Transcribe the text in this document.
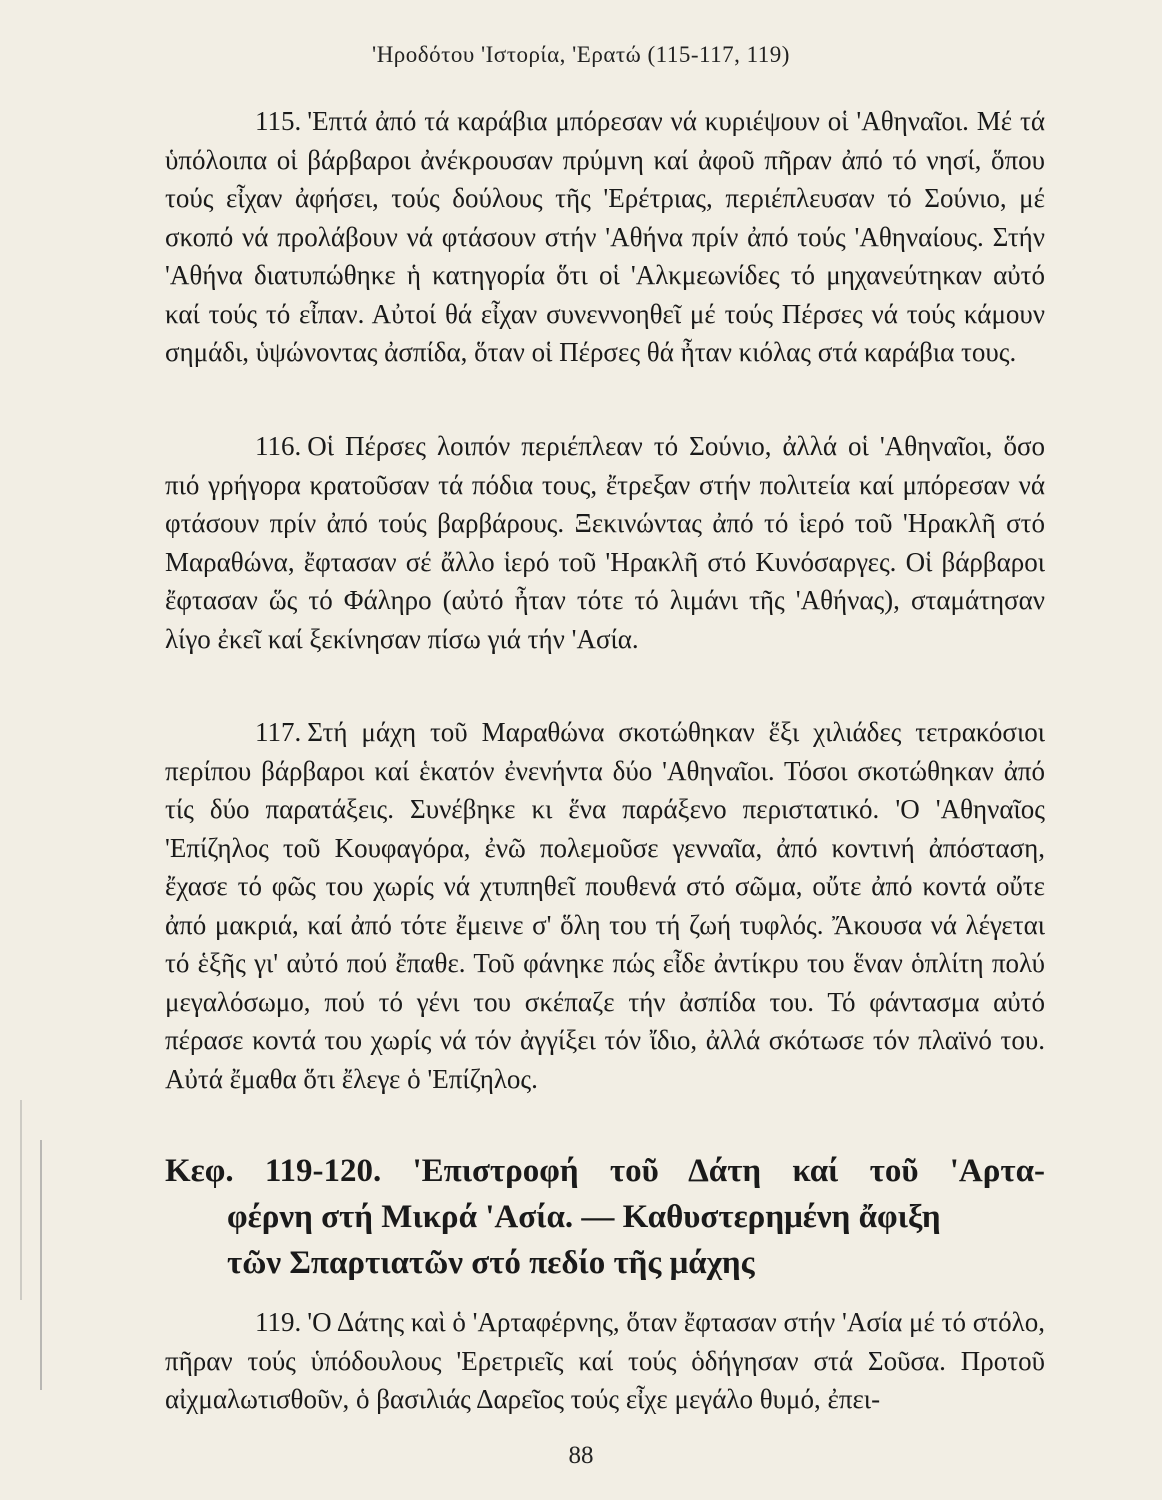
'Ηροδότου 'Ιστορία, 'Ερατώ (115-117, 119)

115. 'Επτά ἀπό τά καράβια μπόρεσαν νά κυριέψουν οἱ 'Αθηναῖοι. Μέ τά ὑπόλοιπα οἱ βάρβαροι ἀνέκρουσαν πρύμνη καί ἀφοῦ πῆραν ἀπό τό νησί, ὅπου τούς εἶχαν ἀφήσει, τούς δούλους τῆς 'Ερέτριας, περιέπλευσαν τό Σούνιο, μέ σκοπό νά προλάβουν νά φτάσουν στήν 'Αθήνα πρίν ἀπό τούς 'Αθηναίους. Στήν 'Αθήνα διατυπώθηκε ἡ κατηγορία ὅτι οἱ 'Αλκμεωνίδες τό μηχανεύτηκαν αὐτό καί τούς τό εἶπαν. Αὐτοί θά εἶχαν συνεννοηθεῖ μέ τούς Πέρσες νά τούς κάμουν σημάδι, ὑψώνοντας ἀσπίδα, ὅταν οἱ Πέρσες θά ἦταν κιόλας στά καράβια τους.

116. Οἱ Πέρσες λοιπόν περιέπλεαν τό Σούνιο, ἀλλά οἱ 'Αθηναῖοι, ὅσο πιό γρήγορα κρατοῦσαν τά πόδια τους, ἔτρεξαν στήν πολιτεία καί μπόρεσαν νά φτάσουν πρίν ἀπό τούς βαρβάρους. Ξεκινώντας ἀπό τό ἱερό τοῦ 'Ηρακλῆ στό Μαραθώνα, ἔφτασαν σέ ἄλλο ἱερό τοῦ 'Ηρακλῆ στό Κυνόσαργες. Οἱ βάρβαροι ἔφτασαν ὥς τό Φάληρο (αὐτό ἦταν τότε τό λιμάνι τῆς 'Αθήνας), σταμάτησαν λίγο ἐκεῖ καί ξεκίνησαν πίσω γιά τήν 'Ασία.

117. Στή μάχη τοῦ Μαραθώνα σκοτώθηκαν ἕξι χιλιάδες τετρακόσιοι περίπου βάρβαροι καί ἑκατόν ἐνενήντα δύο 'Αθηναῖοι. Τόσοι σκοτώθηκαν ἀπό τίς δύο παρατάξεις. Συνέβηκε κι ἕνα παράξενο περιστατικό. 'Ο 'Αθηναῖος 'Επίζηλος τοῦ Κουφαγόρα, ἐνῶ πολεμοῦσε γενναῖα, ἀπό κοντινή ἀπόσταση, ἔχασε τό φῶς του χωρίς νά χτυπηθεῖ πουθενά στό σῶμα, οὔτε ἀπό κοντά οὔτε ἀπό μακριά, καί ἀπό τότε ἔμεινε σ' ὅλη του τή ζωή τυφλός. Ἄκουσα νά λέγεται τό ἑξῆς γι' αὐτό πού ἔπαθε. Τοῦ φάνηκε πώς εἶδε ἀντίκρυ του ἕναν ὁπλίτη πολύ μεγαλόσωμο, πού τό γένι του σκέπαζε τήν ἀσπίδα του. Τό φάντασμα αὐτό πέρασε κοντά του χωρίς νά τόν ἀγγίξει τόν ἴδιο, ἀλλά σκότωσε τόν πλαϊνό του. Αὐτά ἔμαθα ὅτι ἔλεγε ὁ 'Επίζηλος.

Κεφ. 119-120. 'Επιστροφή τοῦ Δάτη καί τοῦ 'Αρτα-
φέρνη στή Μικρά 'Ασία. — Καθυστερημένη ἄφιξη
τῶν Σπαρτιατῶν στό πεδίο τῆς μάχης

119. 'Ο Δάτης καὶ ὁ 'Αρταφέρνης, ὅταν ἔφτασαν στήν 'Ασία μέ τό στόλο, πῆραν τούς ὑπόδουλους 'Ερετριεῖς καί τούς ὁδήγησαν στά Σοῦσα. Προτοῦ αἰχμαλωτισθοῦν, ὁ βασιλιάς Δαρεῖος τούς εἶχε μεγάλο θυμό, ἐπει-

88
